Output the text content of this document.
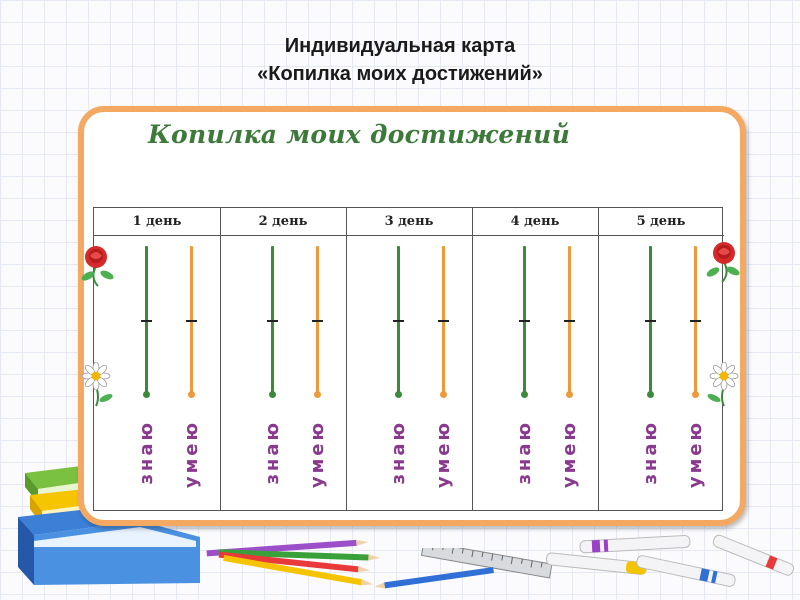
Индивидуальная карта
«Копилка моих достижений»
Копилка моих достижений
1 день
знаю умею
2 день
знаю умею
3 день
знаю умею
4 день
знаю умею
5 день
знаю умею
